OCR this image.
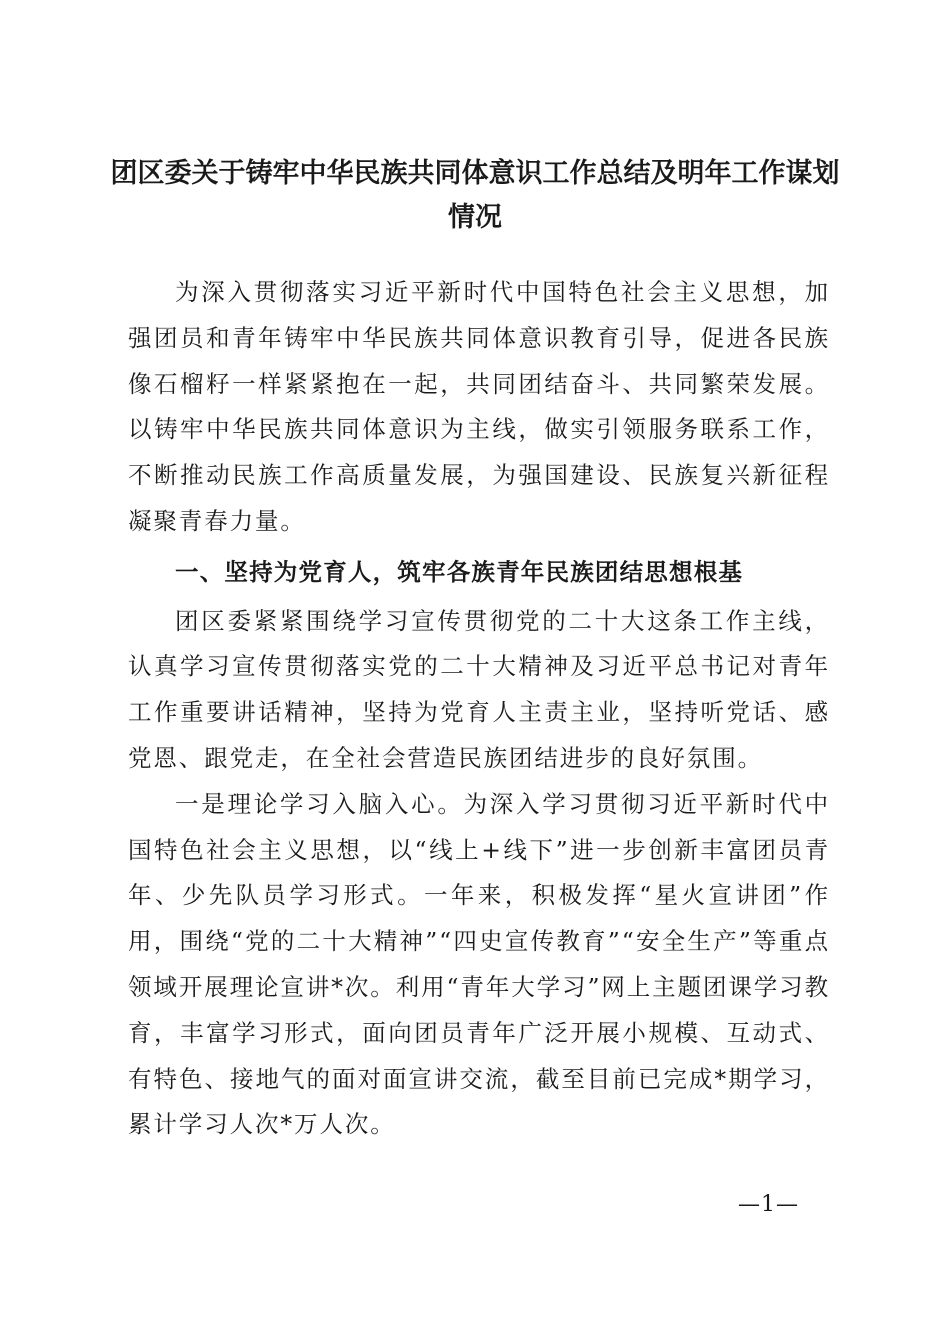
团区委关于铸牢中华民族共同体意识工作总结及明年工作谋划情况

为深入贯彻落实习近平新时代中国特色社会主义思想，加强团员和青年铸牢中华民族共同体意识教育引导，促进各民族像石榴籽一样紧紧抱在一起，共同团结奋斗、共同繁荣发展。以铸牢中华民族共同体意识为主线，做实引领服务联系工作，不断推动民族工作高质量发展，为强国建设、民族复兴新征程凝聚青春力量。

一、坚持为党育人，筑牢各族青年民族团结思想根基

团区委紧紧围绕学习宣传贯彻党的二十大这条工作主线，认真学习宣传贯彻落实党的二十大精神及习近平总书记对青年工作重要讲话精神，坚持为党育人主责主业，坚持听党话、感党恩、跟党走，在全社会营造民族团结进步的良好氛围。

一是理论学习入脑入心。为深入学习贯彻习近平新时代中国特色社会主义思想，以“线上+线下”进一步创新丰富团员青年、少先队员学习形式。一年来，积极发挥“星火宣讲团”作用，围绕“党的二十大精神”“四史宣传教育”“安全生产”等重点领域开展理论宣讲*次。利用“青年大学习”网上主题团课学习教育，丰富学习形式，面向团员青年广泛开展小规模、互动式、有特色、接地气的面对面宣讲交流，截至目前已完成*期学习，累计学习人次*万人次。

—1—
